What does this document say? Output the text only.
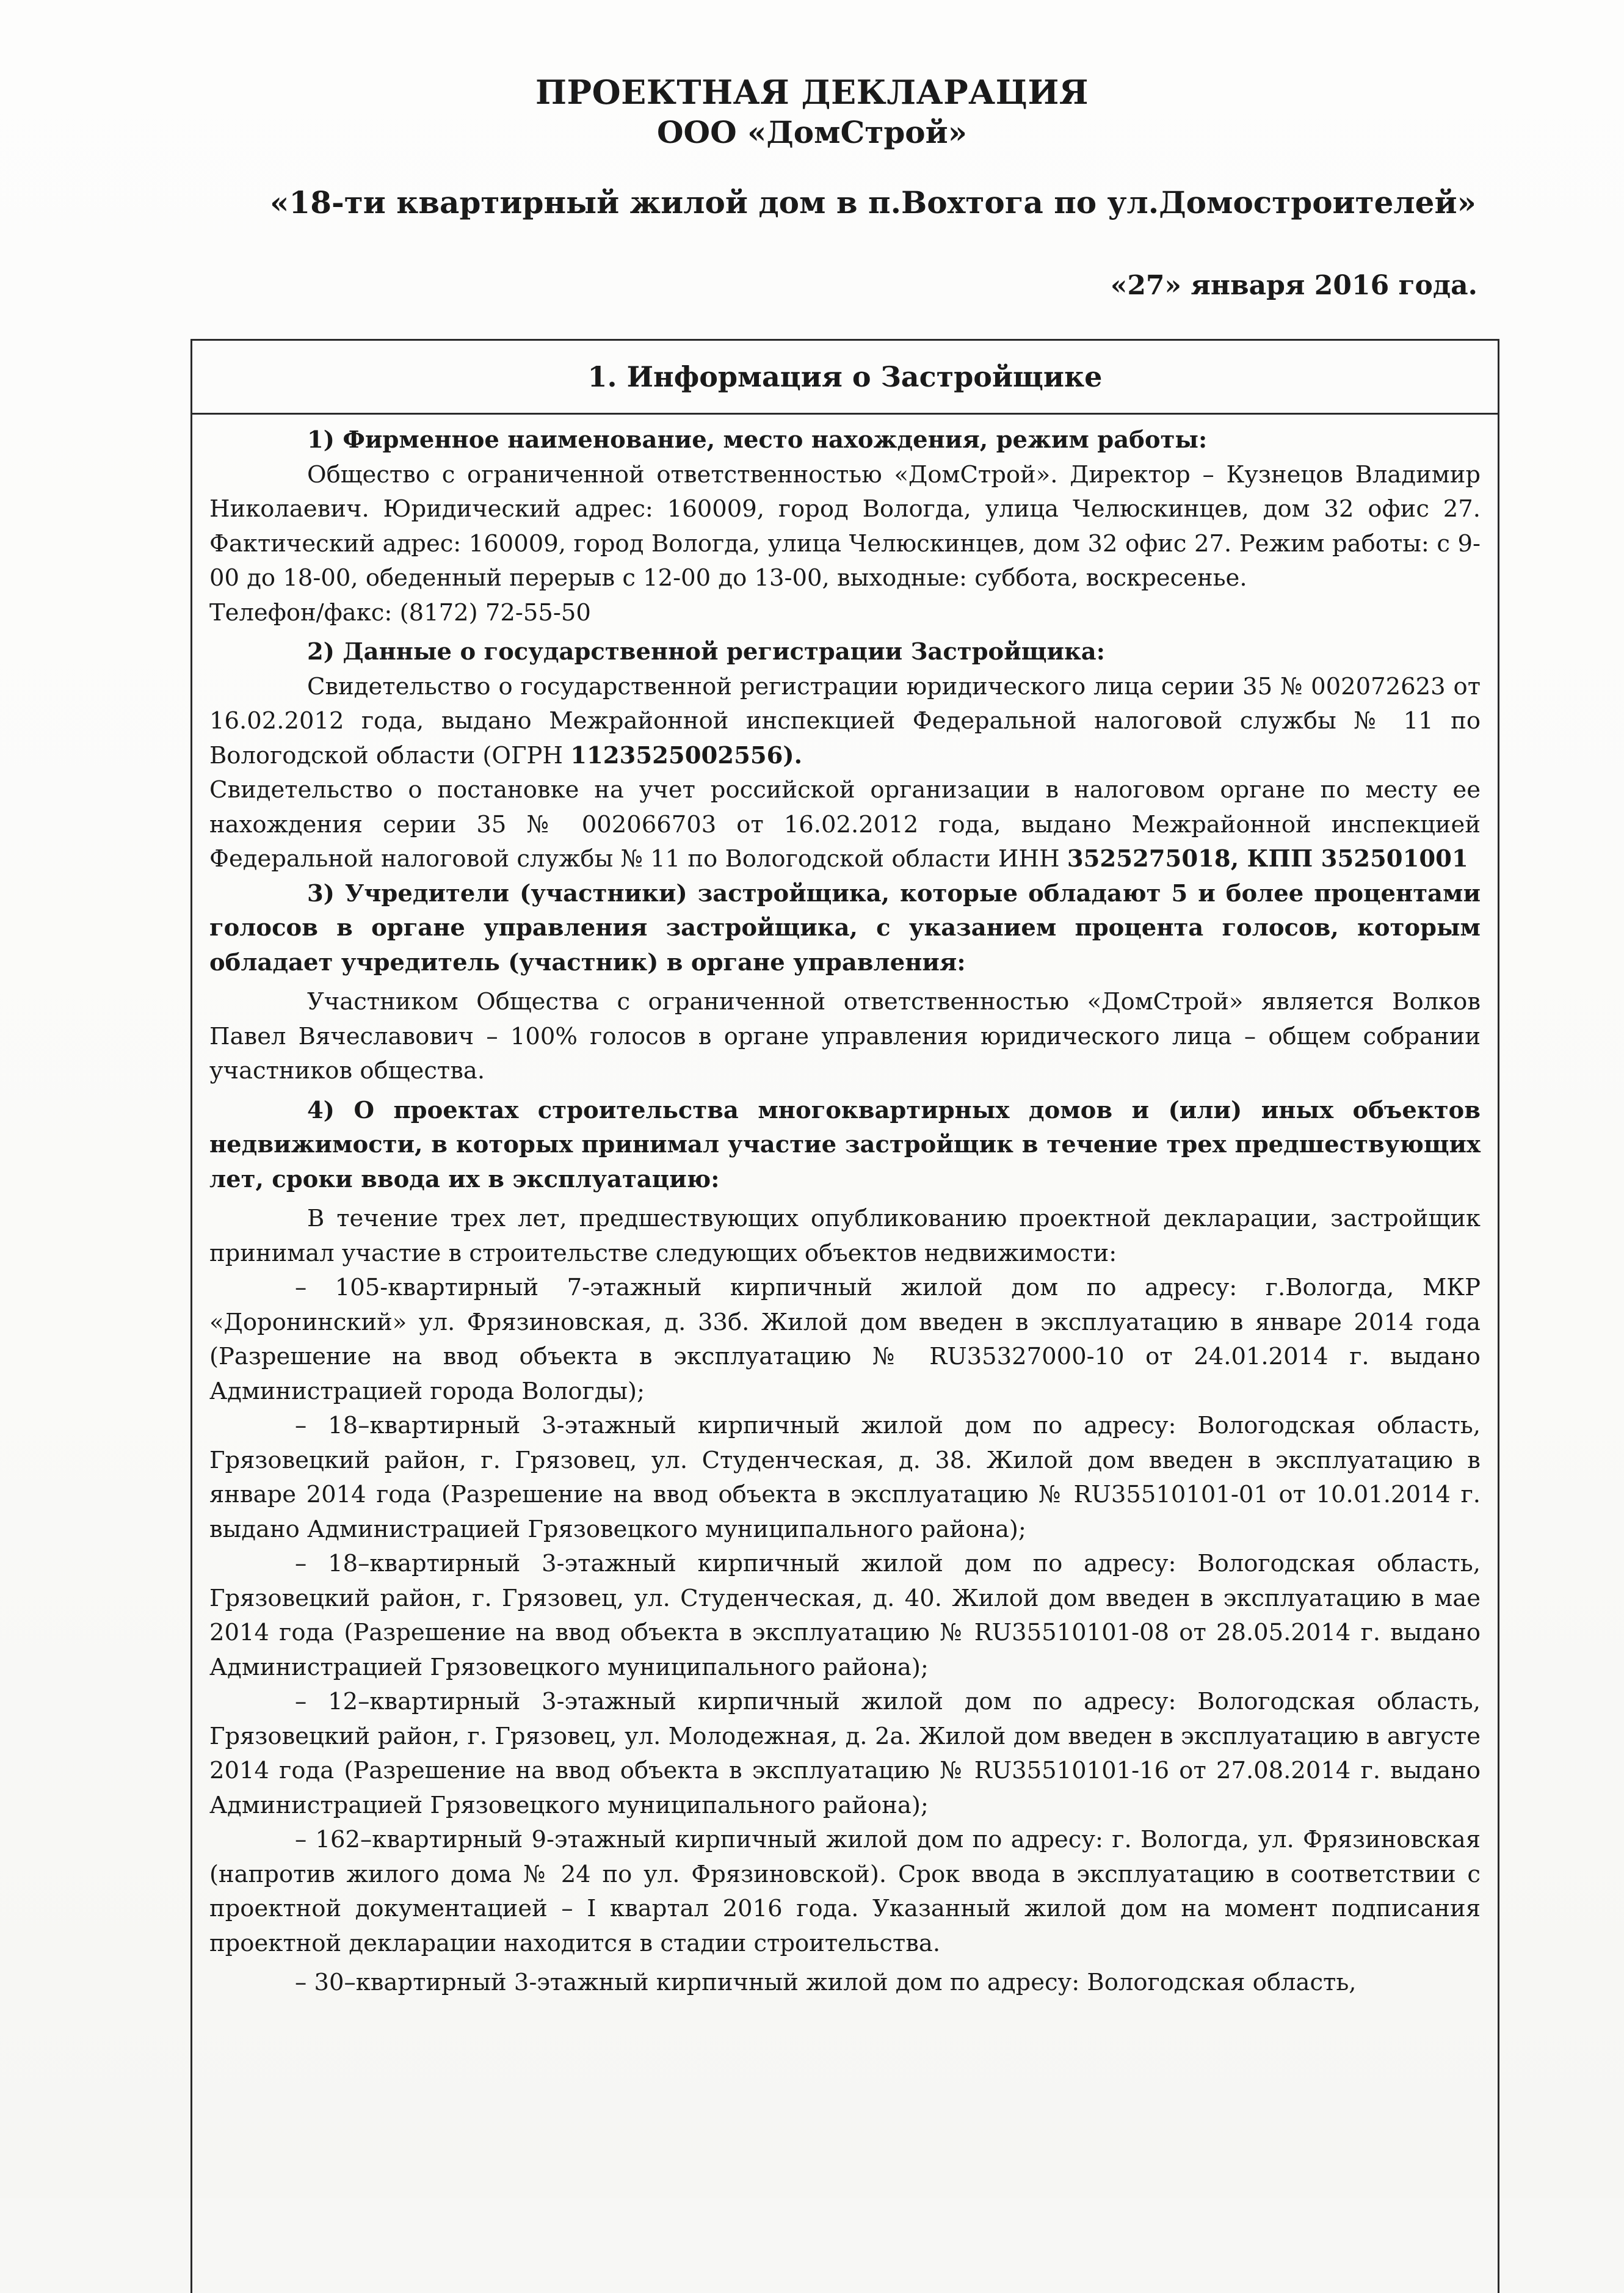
ПРОЕКТНАЯ ДЕКЛАРАЦИЯ
ООО «ДомСтрой»
«18-ти квартирный жилой дом в п.Вохтога по ул.Домостроителей»
«27» января 2016 года.
1. Информация о Застройщике

1) Фирменное наименование, место нахождения, режим работы:

Общество с ограниченной ответственностью «ДомСтрой». Директор – Кузнецов Владимир Николаевич. Юридический адрес: 160009, город Вологда, улица Челюскинцев, дом 32 офис 27. Фактический адрес: 160009, город Вологда, улица Челюскинцев, дом 32 офис 27. Режим работы: с 9-00 до 18-00, обеденный перерыв с 12-00 до 13-00, выходные: суббота, воскресенье.

Телефон/факс: (8172) 72-55-50

2) Данные о государственной регистрации Застройщика:

Свидетельство о государственной регистрации юридического лица серии 35 № 002072623 от 16.02.2012 года, выдано Межрайонной инспекцией Федеральной налоговой службы № 11 по Вологодской области (ОГРН 1123525002556).

Свидетельство о постановке на учет российской организации в налоговом органе по месту ее нахождения серии 35 № 002066703 от 16.02.2012 года, выдано Межрайонной инспекцией Федеральной налоговой службы № 11 по Вологодской области ИНН 3525275018, КПП 352501001

3) Учредители (участники) застройщика, которые обладают 5 и более процентами голосов в органе управления застройщика, с указанием процента голосов, которым обладает учредитель (участник) в органе управления:

Участником Общества с ограниченной ответственностью «ДомСтрой» является Волков Павел Вячеславович – 100% голосов в органе управления юридического лица – общем собрании участников общества.

4) О проектах строительства многоквартирных домов и (или) иных объектов недвижимости, в которых принимал участие застройщик в течение трех предшествующих лет, сроки ввода их в эксплуатацию:

В течение трех лет, предшествующих опубликованию проектной декларации, застройщик принимал участие в строительстве следующих объектов недвижимости:

– 105-квартирный 7-этажный кирпичный жилой дом по адресу: г.Вологда, МКР «Доронинский» ул. Фрязиновская, д. 33б. Жилой дом введен в эксплуатацию в январе 2014 года (Разрешение на ввод объекта в эксплуатацию № RU35327000-10 от 24.01.2014 г. выдано Администрацией города Вологды);

– 18–квартирный 3-этажный кирпичный жилой дом по адресу: Вологодская область, Грязовецкий район, г. Грязовец, ул. Студенческая, д. 38. Жилой дом введен в эксплуатацию в январе 2014 года (Разрешение на ввод объекта в эксплуатацию № RU35510101-01 от 10.01.2014 г. выдано Администрацией Грязовецкого муниципального района);

– 18–квартирный 3-этажный кирпичный жилой дом по адресу: Вологодская область, Грязовецкий район, г. Грязовец, ул. Студенческая, д. 40. Жилой дом введен в эксплуатацию в мае 2014 года (Разрешение на ввод объекта в эксплуатацию № RU35510101-08 от 28.05.2014 г. выдано Администрацией Грязовецкого муниципального района);

– 12–квартирный 3-этажный кирпичный жилой дом по адресу: Вологодская область, Грязовецкий район, г. Грязовец, ул. Молодежная, д. 2а. Жилой дом введен в эксплуатацию в августе 2014 года (Разрешение на ввод объекта в эксплуатацию № RU35510101-16 от 27.08.2014 г. выдано Администрацией Грязовецкого муниципального района);

– 162–квартирный 9-этажный кирпичный жилой дом по адресу: г. Вологда, ул. Фрязиновская (напротив жилого дома № 24 по ул. Фрязиновской). Срок ввода в эксплуатацию в соответствии с проектной документацией – I квартал 2016 года. Указанный жилой дом на момент подписания проектной декларации находится в стадии строительства.

– 30–квартирный 3-этажный кирпичный жилой дом по адресу: Вологодская область,
